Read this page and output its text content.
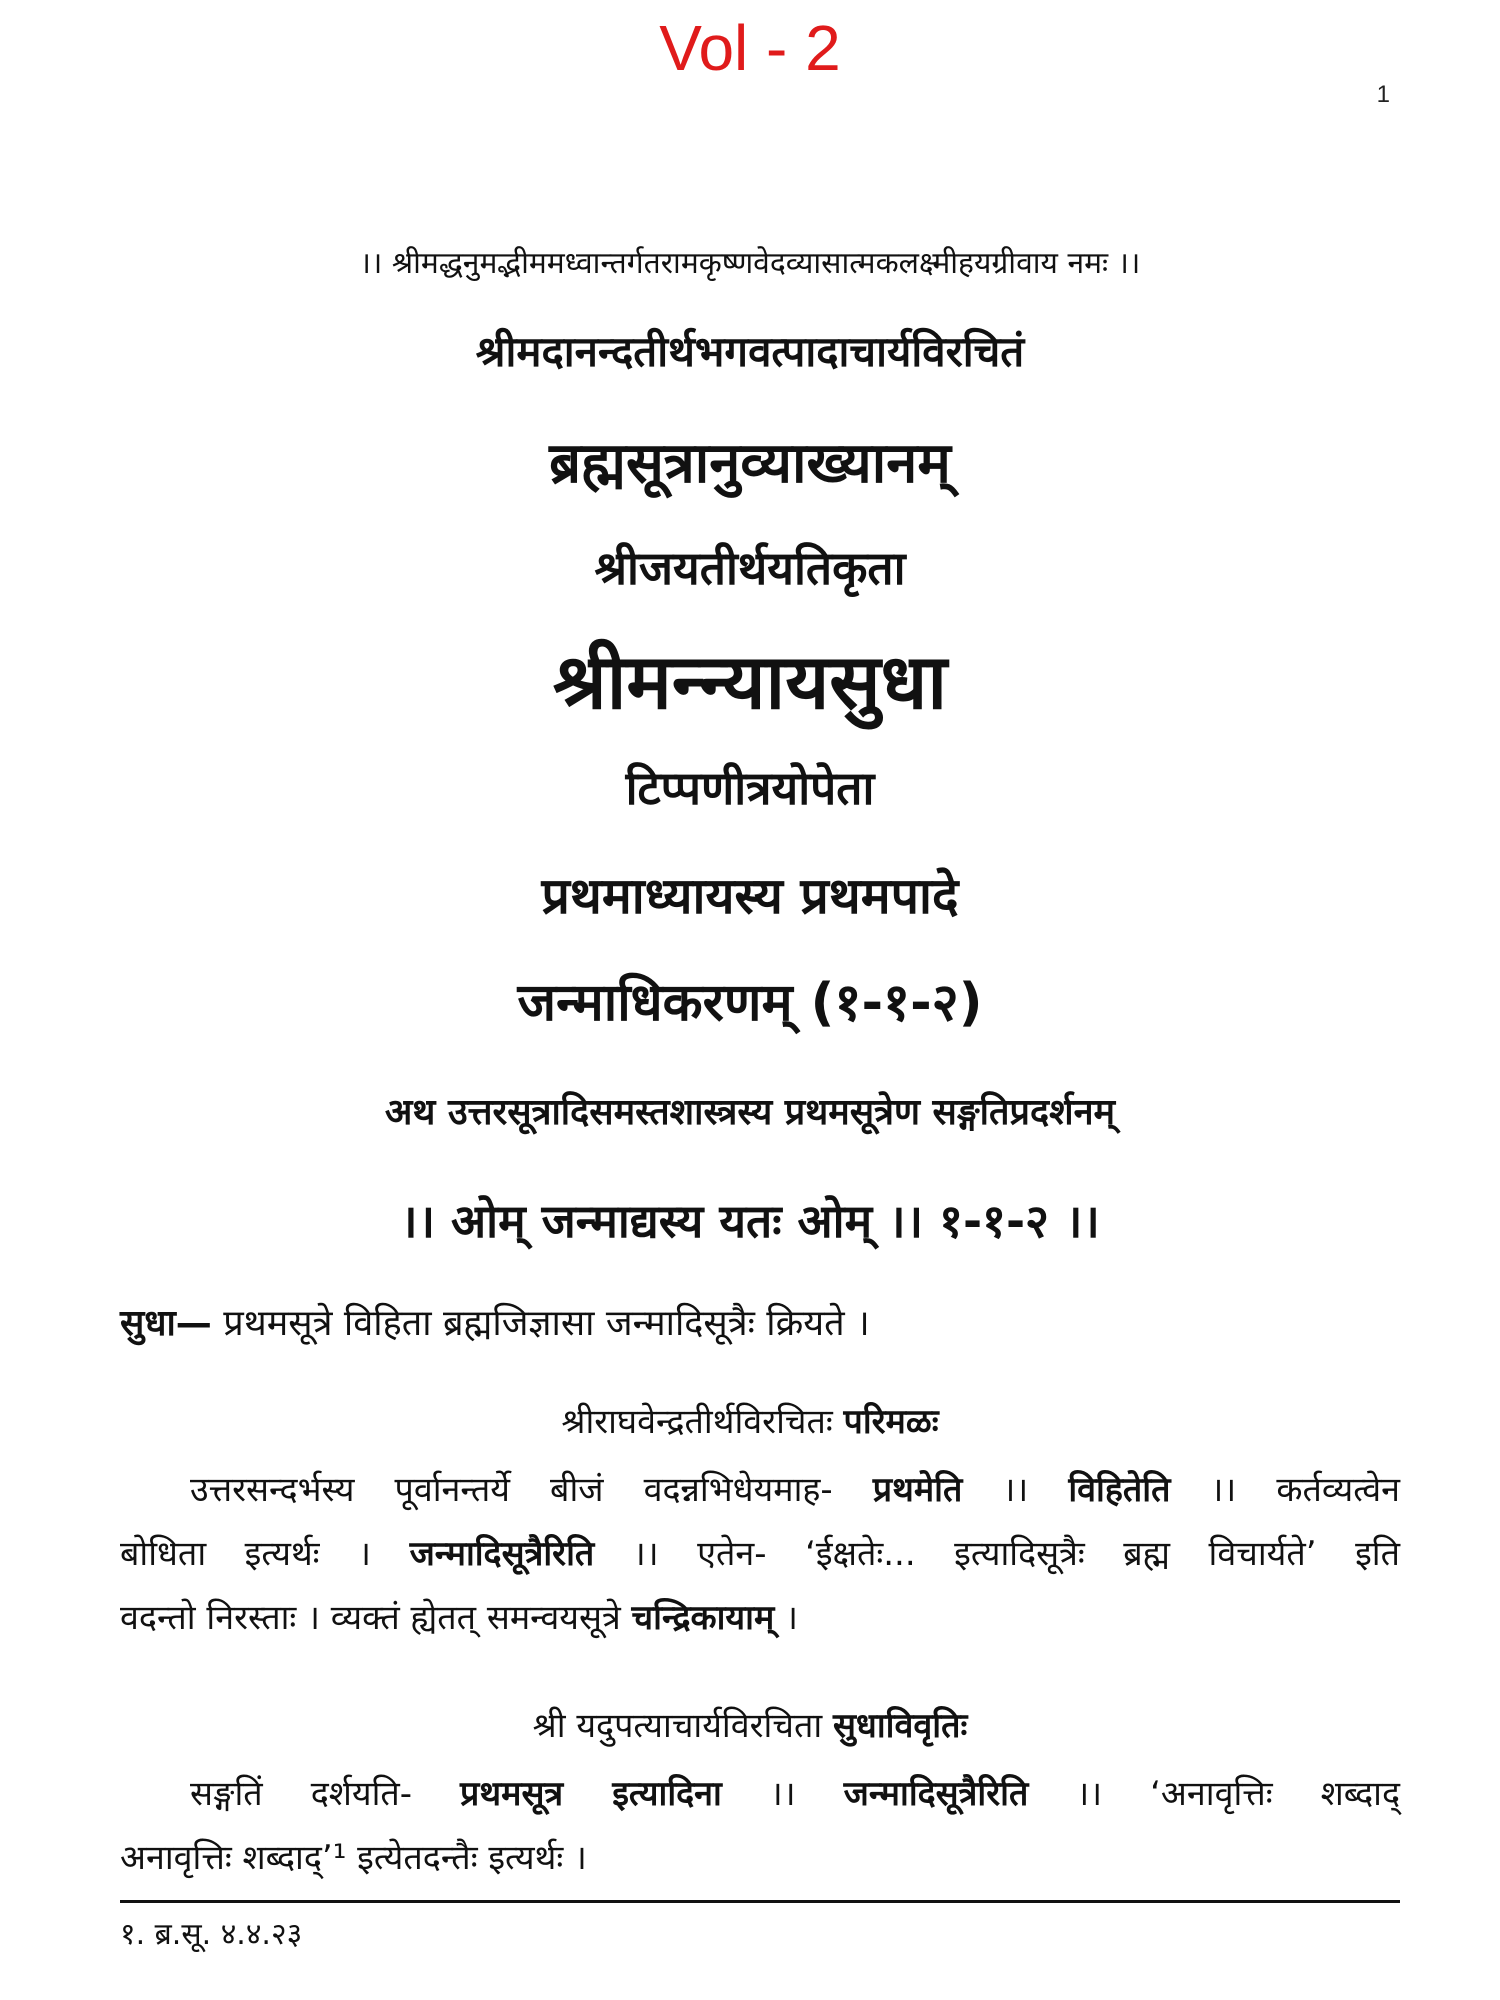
Vol - 2
1
।। श्रीमद्धनुमद्भीममध्वान्तर्गतरामकृष्णवेदव्यासात्मकलक्ष्मीहयग्रीवाय नमः ।।
श्रीमदानन्दतीर्थभगवत्पादाचार्यविरचितं
ब्रह्मसूत्रानुव्याख्यानम्
श्रीजयतीर्थयतिकृता
श्रीमन्न्यायसुधा
टिप्पणीत्रयोपेता
प्रथमाध्यायस्य प्रथमपादे
जन्माधिकरणम् (१-१-२)
अथ उत्तरसूत्रादिसमस्तशास्त्रस्य प्रथमसूत्रेण सङ्गतिप्रदर्शनम्
।। ओम् जन्माद्यस्य यतः ओम् ।। १-१-२ ।।
सुधा— प्रथमसूत्रे विहिता ब्रह्मजिज्ञासा जन्मादिसूत्रैः क्रियते ।
श्रीराघवेन्द्रतीर्थविरचितः परिमळः
उत्तरसन्दर्भस्य पूर्वानन्तर्ये बीजं वदन्नभिधेयमाह- प्रथमेति ।। विहितेति ।। कर्तव्यत्वेन
बोधिता इत्यर्थः । जन्मादिसूत्रैरिति ।। एतेन- ‘ईक्षतेः... इत्यादिसूत्रैः ब्रह्म विचार्यते’ इति
वदन्तो निरस्ताः । व्यक्तं ह्येतत् समन्वयसूत्रे चन्द्रिकायाम् ।
श्री यदुपत्याचार्यविरचिता सुधाविवृतिः
सङ्गतिं दर्शयति- प्रथमसूत्र इत्यादिना ।। जन्मादिसूत्रैरिति ।। ‘अनावृत्तिः शब्दाद्
अनावृत्तिः शब्दाद्’¹ इत्येतदन्तैः इत्यर्थः ।
१. ब्र.सू. ४.४.२३
